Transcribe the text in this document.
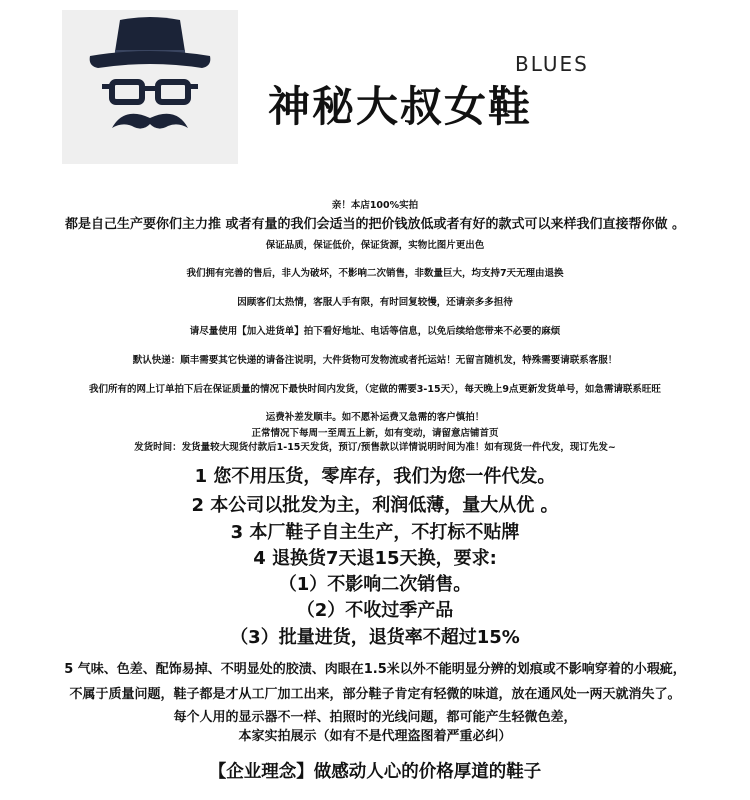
BLUES
神秘大叔女鞋
亲！本店100%实拍
都是自己生产要你们主力推 或者有量的我们会适当的把价钱放低或者有好的款式可以来样我们直接帮你做 。
保证品质，保证低价，保证货源，实物比图片更出色
我们拥有完善的售后，非人为破坏，不影响二次销售，非数量巨大，均支持7天无理由退换
因顾客们太热情，客服人手有限，有时回复较慢，还请亲多多担待
请尽量使用【加入进货单】拍下看好地址、电话等信息，以免后续给您带来不必要的麻烦
默认快递：顺丰需要其它快递的请备注说明，大件货物可发物流或者托运站！无留言随机发，特殊需要请联系客服！
我们所有的网上订单拍下后在保证质量的情况下最快时间内发货，（定做的需要3-15天），每天晚上9点更新发货单号，如急需请联系旺旺
运费补差发顺丰。如不愿补运费又急需的客户慎拍！
正常情况下每周一至周五上新，如有变动，请留意店铺首页
发货时间：发货量较大现货付款后1-15天发货，预订/预售款以详情说明时间为准！如有现货一件代发，现订先发~
1 您不用压货，零库存，我们为您一件代发。
2 本公司以批发为主，利润低薄，量大从优 。
3 本厂鞋子自主生产，不打标不贴牌
4 退换货7天退15天换，要求:
（1）不影响二次销售。
（2）不收过季产品
（3）批量进货，退货率不超过15%
5 气味、色差、配饰易掉、不明显处的胶渍、肉眼在1.5米以外不能明显分辨的划痕或不影响穿着的小瑕疵，
不属于质量问题，鞋子都是才从工厂加工出来，部分鞋子肯定有轻微的味道，放在通风处一两天就消失了。
每个人用的显示器不一样、拍照时的光线问题，都可能产生轻微色差，
本家实拍展示（如有不是代理盗图着严重必纠）
【企业理念】做感动人心的价格厚道的鞋子
